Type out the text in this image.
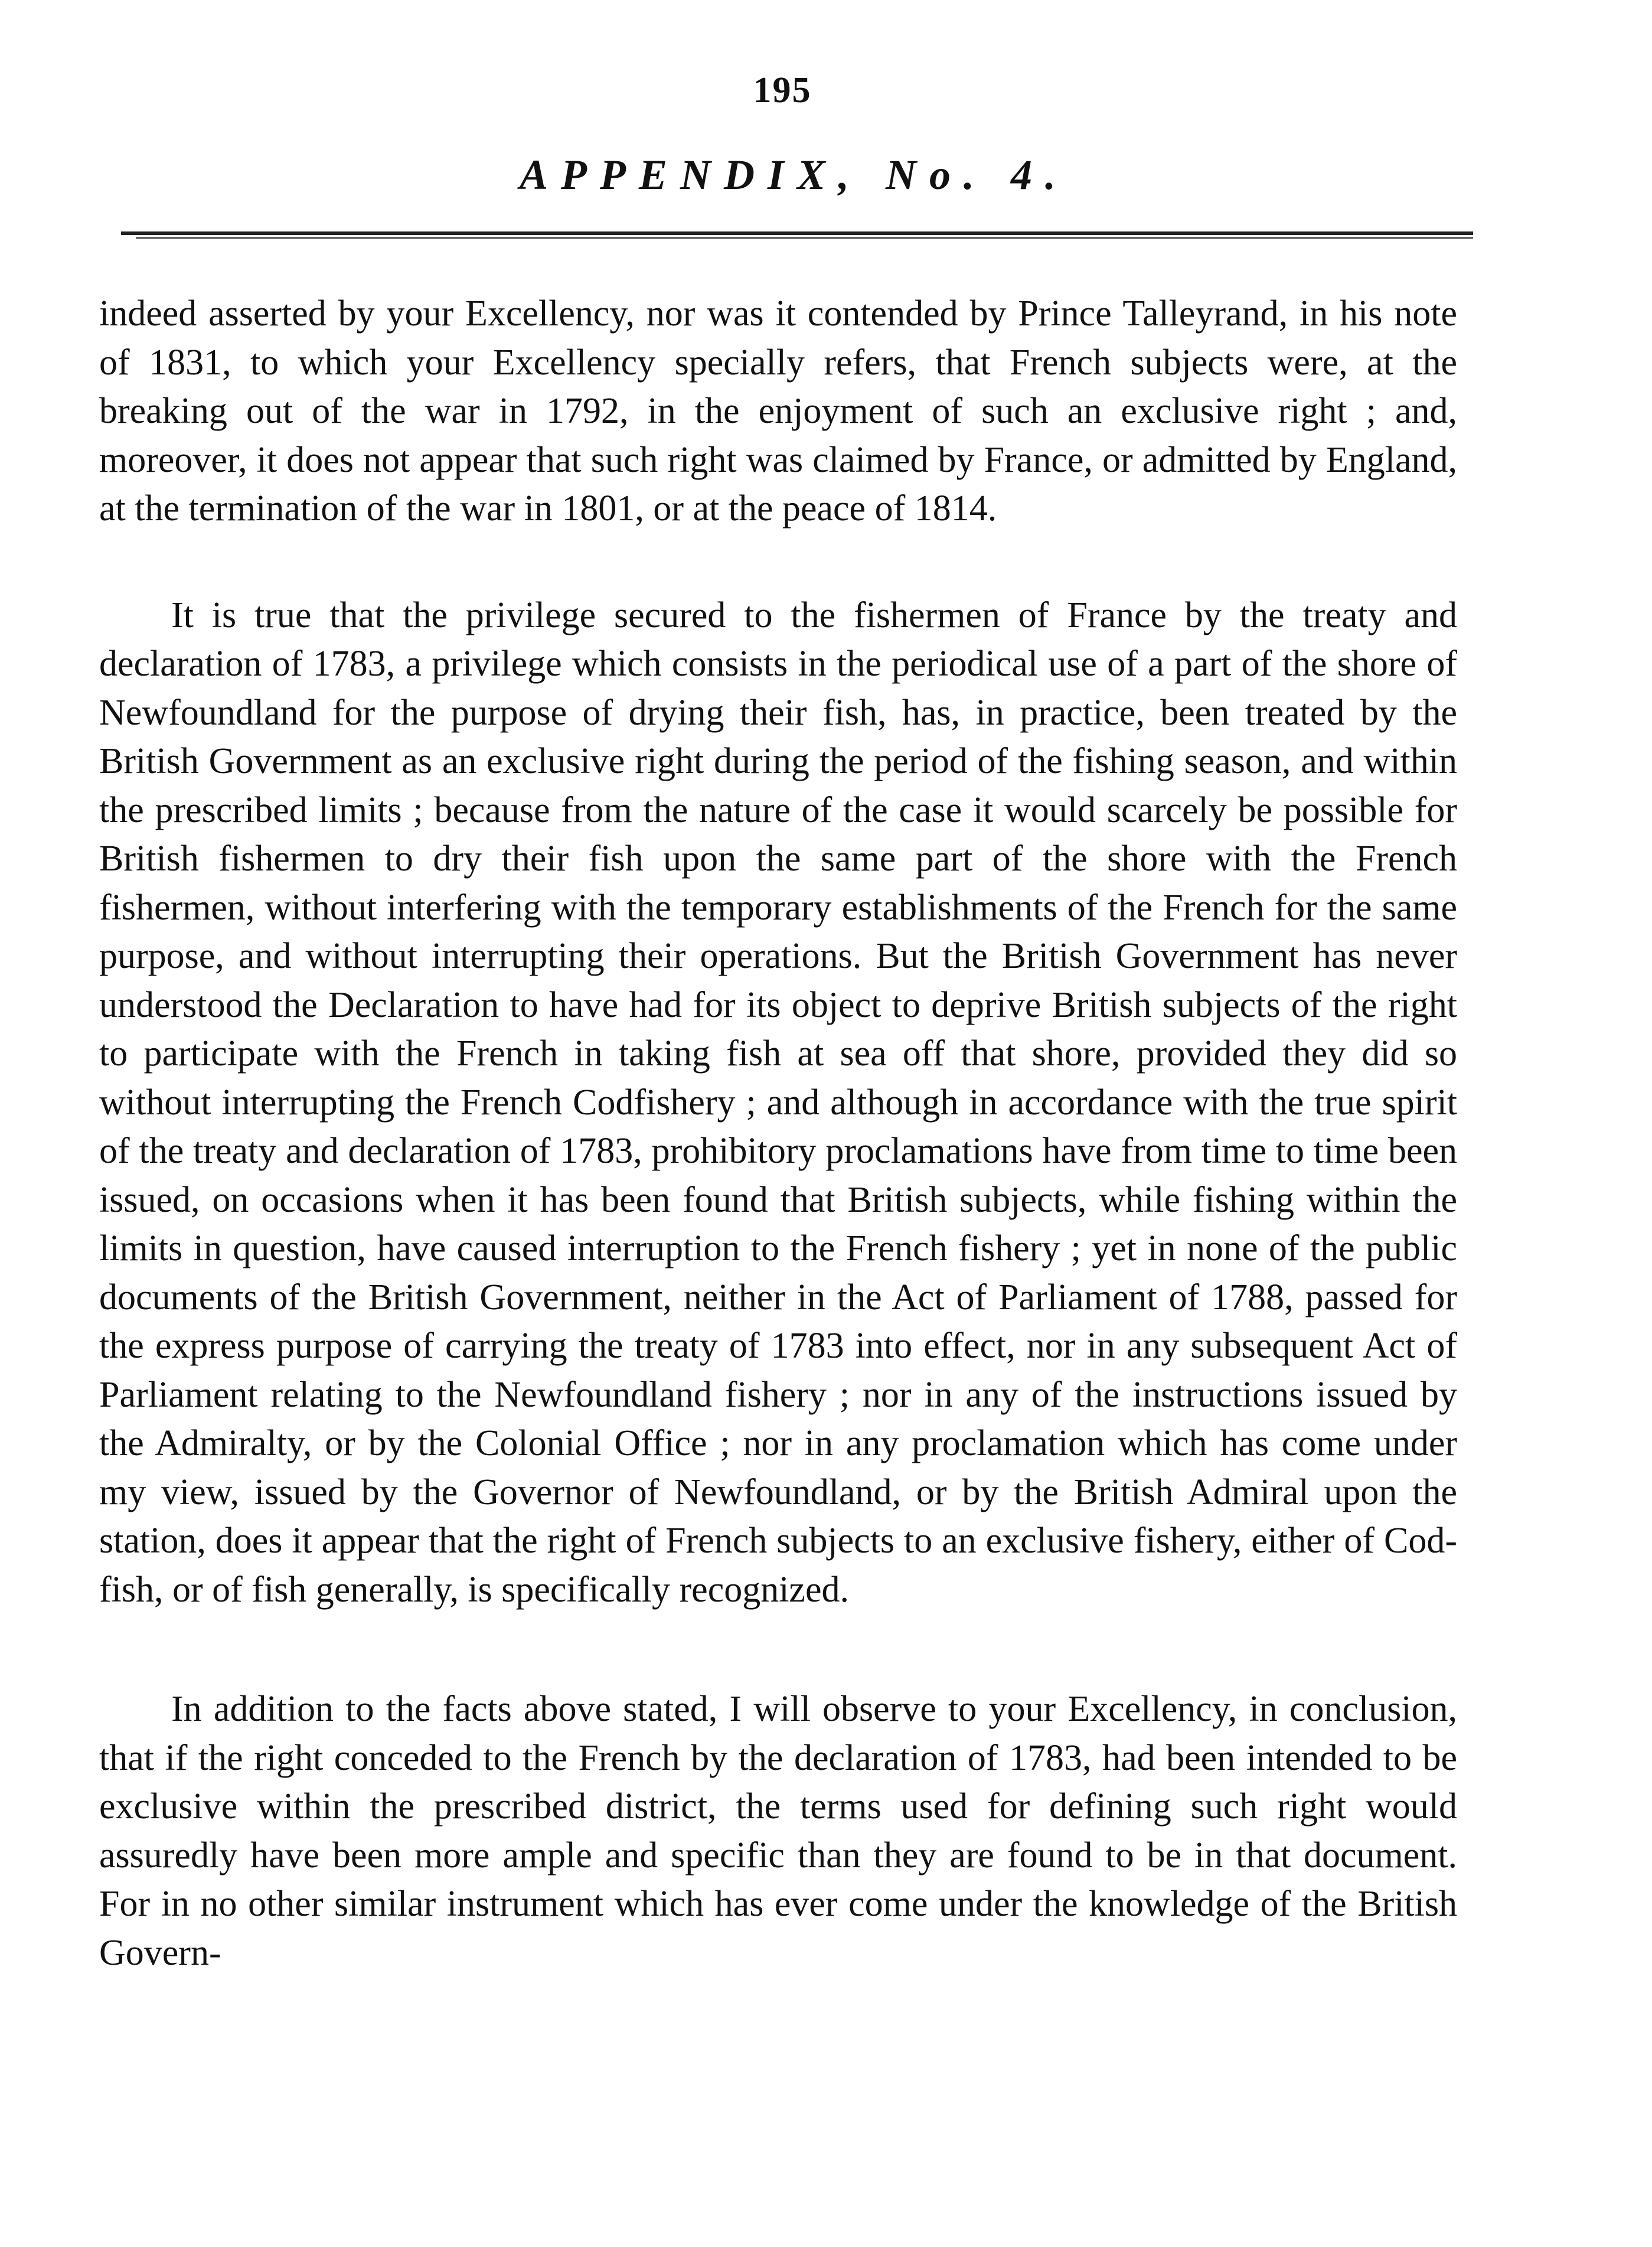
195
APPENDIX, No. 4.

indeed asserted by your Excellency, nor was it contended by Prince Talleyrand, in his note of 1831, to which your Excellency specially refers, that French subjects were, at the breaking out of the war in 1792, in the enjoyment of such an exclusive right ; and, moreover, it does not appear that such right was claimed by France, or admitted by England, at the termination of the war in 1801, or at the peace of 1814.

It is true that the privilege secured to the fishermen of France by the treaty and declaration of 1783, a privilege which consists in the periodical use of a part of the shore of Newfoundland for the purpose of drying their fish, has, in practice, been treated by the British Government as an exclusive right during the period of the fishing season, and within the prescribed limits ; because from the nature of the case it would scarcely be possible for British fishermen to dry their fish upon the same part of the shore with the French fishermen, without interfering with the temporary establishments of the French for the same purpose, and without interrupting their operations. But the British Government has never understood the Declaration to have had for its object to deprive British subjects of the right to participate with the French in taking fish at sea off that shore, provided they did so without interrupting the French Codfishery ; and although in accordance with the true spirit of the treaty and declaration of 1783, prohibitory proclamations have from time to time been issued, on occasions when it has been found that British subjects, while fishing within the limits in question, have caused interruption to the French fishery ; yet in none of the public documents of the British Government, neither in the Act of Parliament of 1788, passed for the express purpose of carrying the treaty of 1783 into effect, nor in any subsequent Act of Parliament relating to the Newfoundland fishery ; nor in any of the instructions issued by the Admiralty, or by the Colonial Office ; nor in any proclamation which has come under my view, issued by the Governor of Newfoundland, or by the British Admiral upon the station, does it appear that the right of French subjects to an exclusive fishery, either of Cod-fish, or of fish generally, is specifically recognized.

In addition to the facts above stated, I will observe to your Excellency, in conclusion, that if the right conceded to the French by the declaration of 1783, had been intended to be exclusive within the prescribed district, the terms used for defining such right would assuredly have been more ample and specific than they are found to be in that document. For in no other similar instrument which has ever come under the knowledge of the British Govern-
